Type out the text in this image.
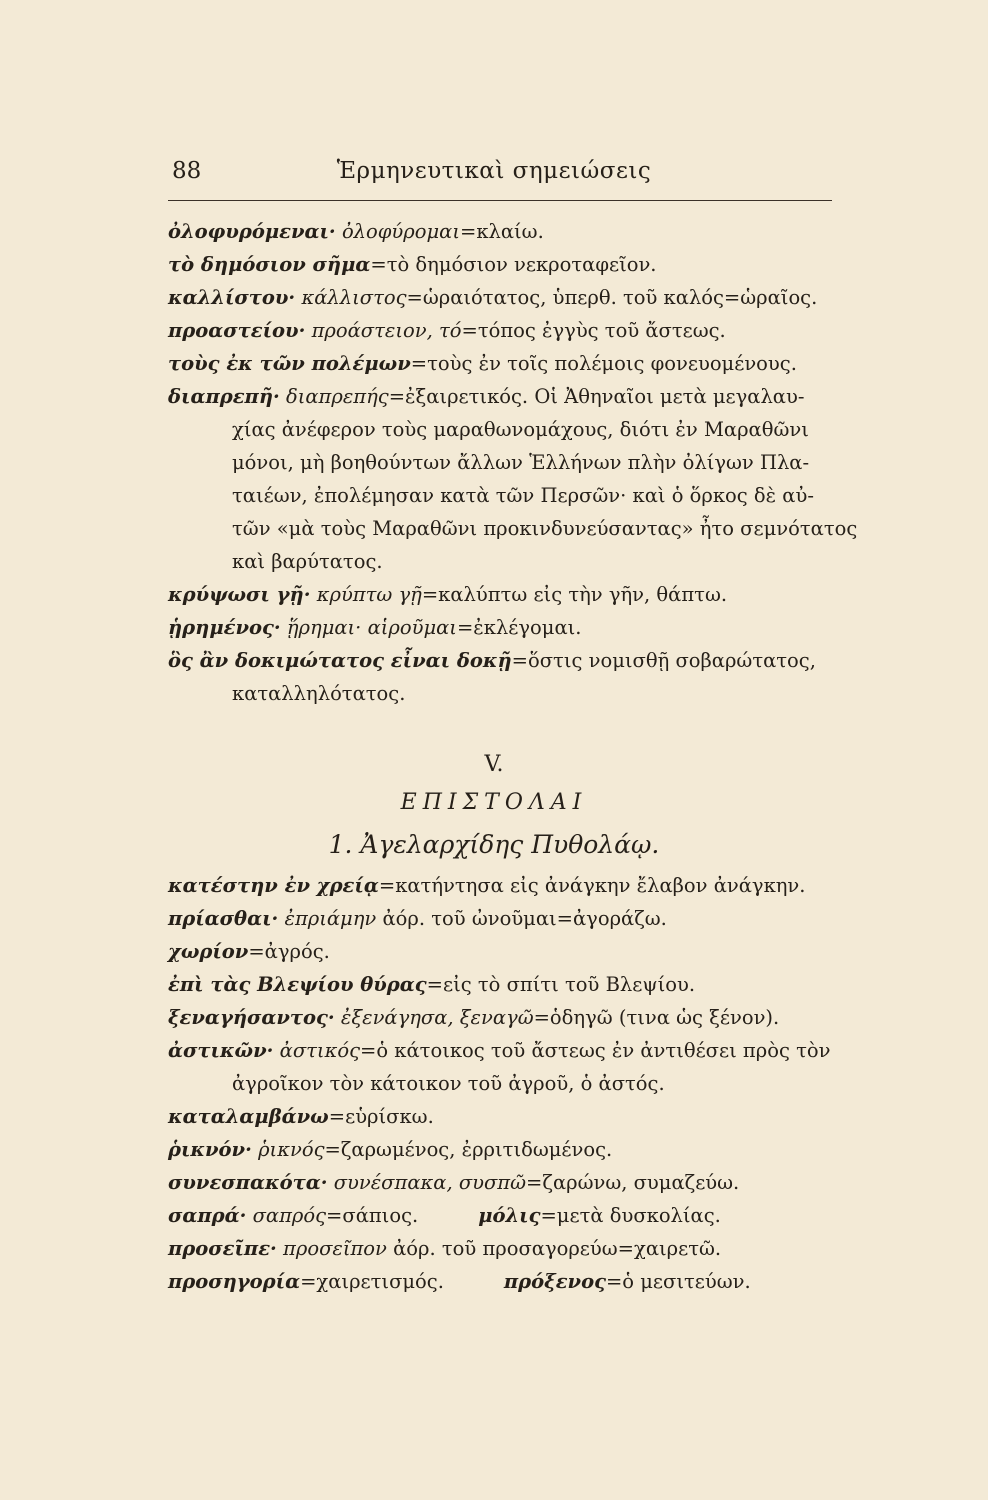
88	Ἑρμηνευτικαὶ σημειώσεις
ὀλοφυρόμεναι· ὀλοφύρομαι=κλαίω.
τὸ δημόσιον σῆμα=τὸ δημόσιον νεκροταφεῖον.
καλλίστου· κάλλιστος=ὡραιότατος, ὑπερθ. τοῦ καλός=ὡραῖος.
προαστείου· προάστειον, τό=τόπος ἐγγὺς τοῦ ἄστεως.
τοὺς ἐκ τῶν πολέμων=τοὺς ἐν τοῖς πολέμοις φονευομένους.
διαπρεπῆ· διαπρεπής=ἐξαιρετικός. Οἱ Ἀθηναῖοι μετὰ μεγαλαυ-
χίας ἀνέφερον τοὺς μαραθωνομάχους, διότι ἐν Μαραθῶνι
μόνοι, μὴ βοηθούντων ἄλλων Ἑλλήνων πλὴν ὀλίγων Πλα-
ταιέων, ἐπολέμησαν κατὰ τῶν Περσῶν· καὶ ὁ ὅρκος δὲ αὐ-
τῶν «μὰ τοὺς Μαραθῶνι προκινδυνεύσαντας» ἦτο σεμνότατος
καὶ βαρύτατος.
κρύψωσι γῇ· κρύπτω γῇ=καλύπτω εἰς τὴν γῆν, θάπτω.
ᾑρημένος· ᾕρημαι· αἱροῦμαι=ἐκλέγομαι.
ὃς ἂν δοκιμώτατος εἶναι δοκῇ=ὅστις νομισθῇ σοβαρώτατος,
καταλληλότατος.
V.
ΕΠΙΣΤΟΛΑΙ
1. Ἀγελαρχίδης Πυθολάῳ.
κατέστην ἐν χρείᾳ=κατήντησα εἰς ἀνάγκην ἔλαβον ἀνάγκην.
πρίασθαι· ἐπριάμην ἀόρ. τοῦ ὠνοῦμαι=ἀγοράζω.
χωρίον=ἀγρός.
ἐπὶ τὰς Βλεψίου θύρας=εἰς τὸ σπίτι τοῦ Βλεψίου.
ξεναγήσαντος· ἐξενάγησα, ξεναγῶ=ὁδηγῶ (τινα ὡς ξένον).
ἀστικῶν· ἀστικός=ὁ κάτοικος τοῦ ἄστεως ἐν ἀντιθέσει πρὸς τὸν
ἀγροῖκον τὸν κάτοικον τοῦ ἀγροῦ, ὁ ἀστός.
καταλαμβάνω=εὑρίσκω.
ῥικνόν· ῥικνός=ζαρωμένος, ἐρριτιδωμένος.
συνεσπακότα· συνέσπακα, συσπῶ=ζαρώνω, συμαζεύω.
σαπρά· σαπρός=σάπιος.	μόλις=μετὰ δυσκολίας.
προσεῖπε· προσεῖπον ἀόρ. τοῦ προσαγορεύω=χαιρετῶ.
προσηγορία=χαιρετισμός.	πρόξενος=ὁ μεσιτεύων.
